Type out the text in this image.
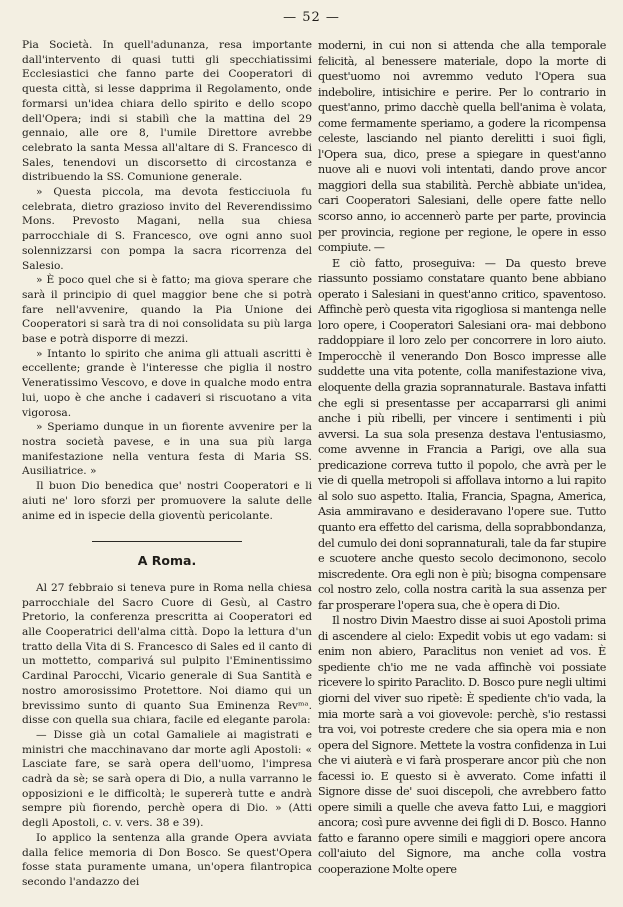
— 52 —

Pia Società. In quell'adunanza, resa importante dall'intervento di quasi tutti gli specchiatissimi Ecclesiastici che fanno parte dei Cooperatori di questa città, si lesse dapprima il Regolamento, onde formarsi un'idea chiara dello spirito e dello scopo dell'Opera; indi si stabilì che la mattina del 29 gennaio, alle ore 8, l'umile Direttore avrebbe celebrato la santa Messa all'altare di S. Francesco di Sales, tenendovi un discorsetto di circostanza e distribuendo la SS. Comunione generale.

» Questa piccola, ma devota festicciuola fu celebrata, dietro grazioso invito del Reverendissimo Mons. Prevosto Magani, nella sua chiesa parrocchiale di S. Francesco, ove ogni anno suol solennizzarsi con pompa la sacra ricorrenza del Salesio.

» È poco quel che si è fatto; ma giova sperare che sarà il principio di quel maggior bene che si potrà fare nell'avvenire, quando la Pia Unione dei Cooperatori si sarà tra di noi consolidata su più larga base e potrà disporre di mezzi.

» Intanto lo spirito che anima gli attuali ascritti è eccellente; grande è l'interesse che piglia il nostro Veneratissimo Vescovo, e dove in qualche modo entra lui, uopo è che anche i cadaveri si riscuotano a vita vigorosa.

» Speriamo dunque in un fiorente avvenire per la nostra società pavese, e in una sua più larga manifestazione nella ventura festa di Maria SS. Ausiliatrice. »

Il buon Dio benedica que' nostri Cooperatori e li aiuti ne' loro sforzi per promuovere la salute delle anime ed in ispecie della gioventù pericolante.

A Roma.

Al 27 febbraio si teneva pure in Roma nella chiesa parrocchiale del Sacro Cuore di Gesù, al Castro Pretorio, la conferenza prescritta ai Cooperatori ed alle Cooperatrici dell'alma città. Dopo la lettura d'un tratto della Vita di S. Francesco di Sales ed il canto di un mottetto, comparivá sul pulpito l'Eminentissimo Cardinal Parocchi, Vicario generale di Sua Santità e nostro amorosissimo Protettore. Noi diamo qui un brevissimo sunto di quanto Sua Eminenza Revᵐᵃ. disse con quella sua chiara, facile ed elegante parola:

— Disse già un cotal Gamaliele ai magistrati e ministri che macchinavano dar morte agli Apostoli: « Lasciate fare, se sarà opera dell'uomo, l'impresa cadrà da sè; se sarà opera di Dio, a nulla varranno le opposizioni e le difficoltà; le supererà tutte e andrà sempre più fiorendo, perchè opera di Dio. » (Atti degli Apostoli, c. v. vers. 38 e 39).

Io applico la sentenza alla grande Opera avviata dalla felice memoria di Don Bosco. Se quest'Opera fosse stata puramente umana, un'opera filantropica secondo l'andazzo dei

moderni, in cui non si attenda che alla temporale felicità, al benessere materiale, dopo la morte di quest'uomo noi avremmo veduto l'Opera sua indebolire, intisichire e perire. Per lo contrario in quest'anno, primo dacchè quella bell'anima è volata, come fermamente speriamo, a godere la ricompensa celeste, lasciando nel pianto derelitti i suoi figli, l'Opera sua, dico, prese a spiegare in quest'anno nuove ali e nuovi voli intentati, dando prove ancor maggiori della sua stabilità. Perchè abbiate un'idea, cari Cooperatori Salesiani, delle opere fatte nello scorso anno, io accennerò parte per parte, provincia per provincia, regione per regione, le opere in esso compiute. —

E ciò fatto, proseguiva: — Da questo breve riassunto possiamo constatare quanto bene abbiano operato i Salesiani in quest'anno critico, spaventoso. Affinchè però questa vita rigogliosa si mantenga nelle loro opere, i Cooperatori Salesiani ora- mai debbono raddoppiare il loro zelo per concorrere in loro aiuto. Imperocchè il venerando Don Bosco impresse alle suddette una vita potente, colla manifestazione viva, eloquente della grazia soprannaturale. Bastava infatti che egli si presentasse per accaparrarsi gli animi anche i più ribelli, per vincere i sentimenti i più avversi. La sua sola presenza destava l'entusiasmo, come avvenne in Francia a Parigi, ove alla sua predicazione correva tutto il popolo, che avrà per le vie di quella metropoli si affollava intorno a lui rapito al solo suo aspetto. Italia, Francia, Spagna, America, Asia ammiravano e desideravano l'opere sue. Tutto quanto era effetto del carisma, della soprabbondanza, del cumulo dei doni soprannaturali, tale da far stupire e scuotere anche questo secolo decimonono, secolo miscredente. Ora egli non è più; bisogna compensare col nostro zelo, colla nostra carità la sua assenza per far prosperare l'opera sua, che è opera di Dio.

Il nostro Divin Maestro disse ai suoi Apostoli prima di ascendere al cielo: Expedit vobis ut ego vadam: si enim non abiero, Paraclitus non veniet ad vos. È spediente ch'io me ne vada affinchè voi possiate ricevere lo spirito Paraclito. D. Bosco pure negli ultimi giorni del viver suo ripetè: È spediente ch'io vada, la mia morte sarà a voi giovevole: perchè, s'io restassi tra voi, voi potreste credere che sia opera mia e non opera del Signore. Mettete la vostra confidenza in Lui che vi aiuterà e vi farà prosperare ancor più che non facessi io. E questo si è avverato. Come infatti il Signore disse de' suoi discepoli, che avrebbero fatto opere simili a quelle che aveva fatto Lui, e maggiori ancora; così pure avvenne dei figli di D. Bosco. Hanno fatto e faranno opere simili e maggiori opere ancora coll'aiuto del Signore, ma anche colla vostra cooperazione Molte opere
